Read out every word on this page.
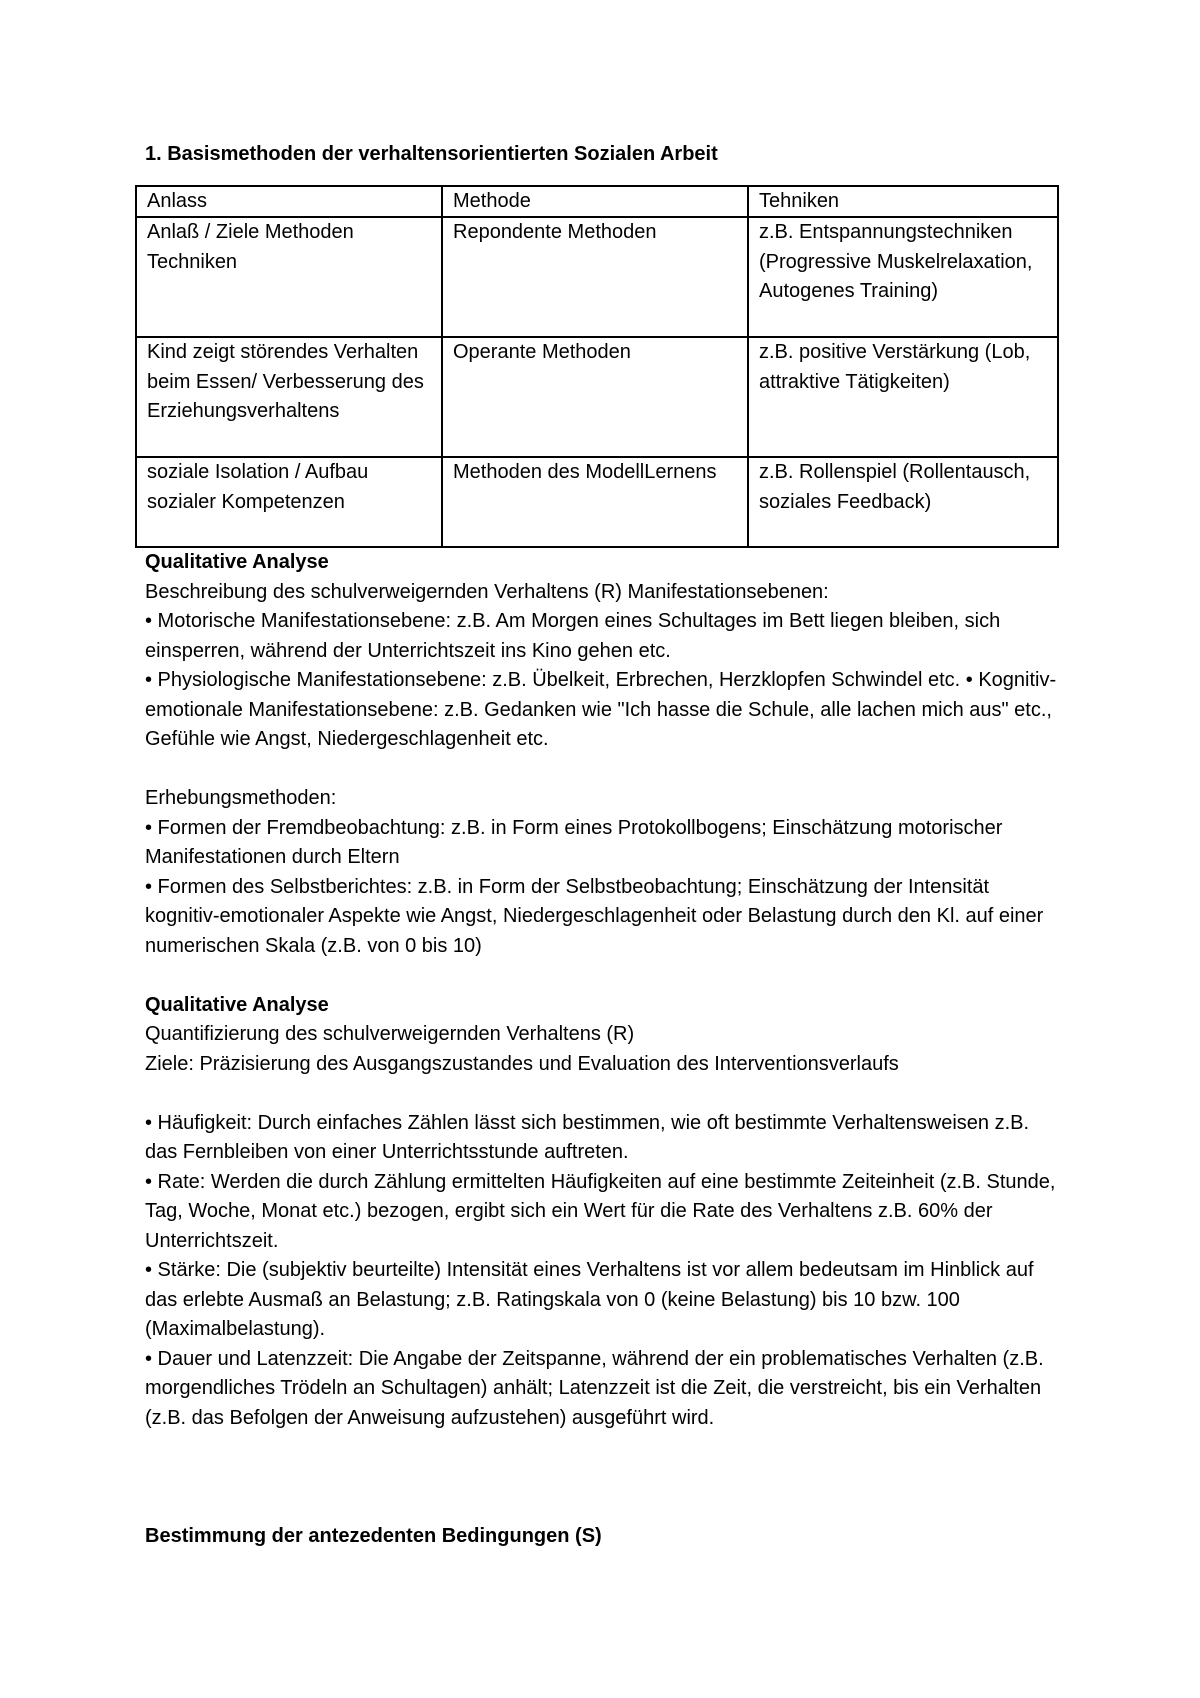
1. Basismethoden der verhaltensorientierten Sozialen Arbeit

Anlass	Methode	Tehniken
Anlaß / Ziele Methoden Techniken	Repondente Methoden	z.B. Entspannungstechniken (Progressive Muskelrelaxation, Autogenes Training)
Kind zeigt störendes Verhalten beim Essen/ Verbesserung des Erziehungsverhaltens	Operante Methoden	z.B. positive Verstärkung (Lob, attraktive Tätigkeiten)
soziale Isolation / Aufbau sozialer Kompetenzen	Methoden des ModellLernens	z.B. Rollenspiel (Rollentausch, soziales Feedback)

Qualitative Analyse

Beschreibung des schulverweigernden Verhaltens (R) Manifestationsebenen:

• Motorische Manifestationsebene: z.B. Am Morgen eines Schultages im Bett liegen bleiben, sich einsperren, während der Unterrichtszeit ins Kino gehen etc.

• Physiologische Manifestationsebene: z.B. Übelkeit, Erbrechen, Herzklopfen Schwindel etc. • Kognitiv-emotionale Manifestationsebene: z.B. Gedanken wie "Ich hasse die Schule, alle lachen mich aus" etc., Gefühle wie Angst, Niedergeschlagenheit etc.

Erhebungsmethoden:

• Formen der Fremdbeobachtung: z.B. in Form eines Protokollbogens; Einschätzung motorischer Manifestationen durch Eltern

• Formen des Selbstberichtes: z.B. in Form der Selbstbeobachtung; Einschätzung der Intensität kognitiv-emotionaler Aspekte wie Angst, Niedergeschlagenheit oder Belastung durch den Kl. auf einer numerischen Skala (z.B. von 0 bis 10)

Qualitative Analyse

Quantifizierung des schulverweigernden Verhaltens (R)

Ziele: Präzisierung des Ausgangszustandes und Evaluation des Interventionsverlaufs

• Häufigkeit: Durch einfaches Zählen lässt sich bestimmen, wie oft bestimmte Verhaltensweisen z.B. das Fernbleiben von einer Unterrichtsstunde auftreten.

• Rate: Werden die durch Zählung ermittelten Häufigkeiten auf eine bestimmte Zeiteinheit (z.B. Stunde, Tag, Woche, Monat etc.) bezogen, ergibt sich ein Wert für die Rate des Verhaltens z.B. 60% der Unterrichtszeit.

• Stärke: Die (subjektiv beurteilte) Intensität eines Verhaltens ist vor allem bedeutsam im Hinblick auf das erlebte Ausmaß an Belastung; z.B. Ratingskala von 0 (keine Belastung) bis 10 bzw. 100 (Maximalbelastung).

• Dauer und Latenzzeit: Die Angabe der Zeitspanne, während der ein problematisches Verhalten (z.B. morgendliches Trödeln an Schultagen) anhält; Latenzzeit ist die Zeit, die verstreicht, bis ein Verhalten (z.B. das Befolgen der Anweisung aufzustehen) ausgeführt wird.

Bestimmung der antezedenten Bedingungen (S)
